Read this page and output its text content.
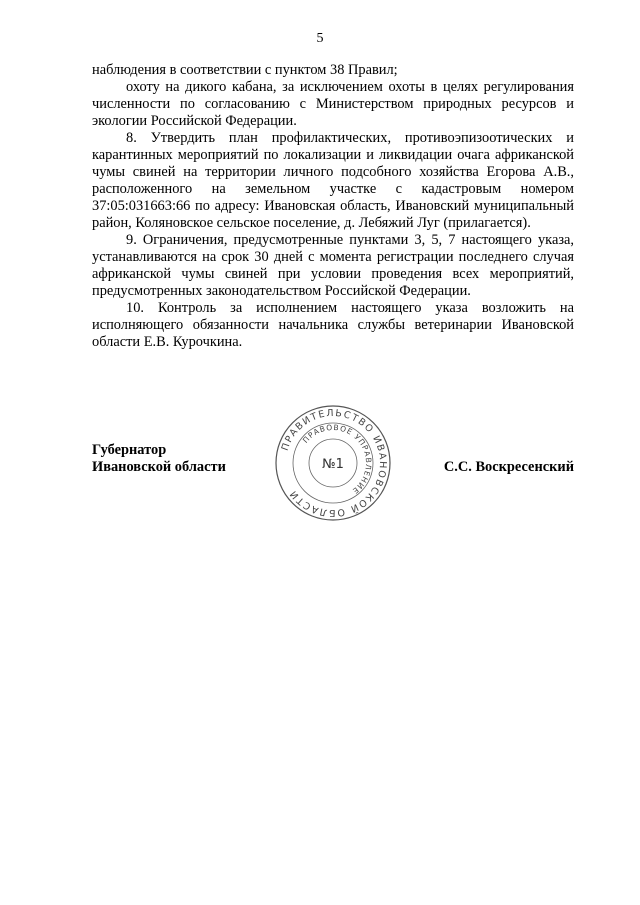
5

наблюдения в соответствии с пунктом 38 Правил;

охоту на дикого кабана, за исключением охоты в целях регулирования численности по согласованию с Министерством природных ресурсов и экологии Российской Федерации.

8. Утвердить план профилактических, противоэпизоотических и карантинных мероприятий по локализации и ликвидации очага африканской чумы свиней на территории личного подсобного хозяйства Егорова А.В., расположенного на земельном участке с кадастровым номером 37:05:031663:66 по адресу: Ивановская область, Ивановский муниципальный район, Коляновское сельское поселение, д. Лебяжий Луг (прилагается).

9. Ограничения, предусмотренные пунктами 3, 5, 7 настоящего указа, устанавливаются на срок 30 дней с момента регистрации последнего случая африканской чумы свиней при условии проведения всех мероприятий, предусмотренных законодательством Российской Федерации.

10. Контроль за исполнением настоящего указа возложить на исполняющего обязанности начальника службы ветеринарии Ивановской области Е.В. Курочкина.

Губернатор
Ивановской области	С.С. Воскресенский
ПРАВИТЕЛЬСТВО ИВАНОВСКОЙ ОБЛАСТИ
ПРАВОВОЕ УПРАВЛЕНИЕ
№1
